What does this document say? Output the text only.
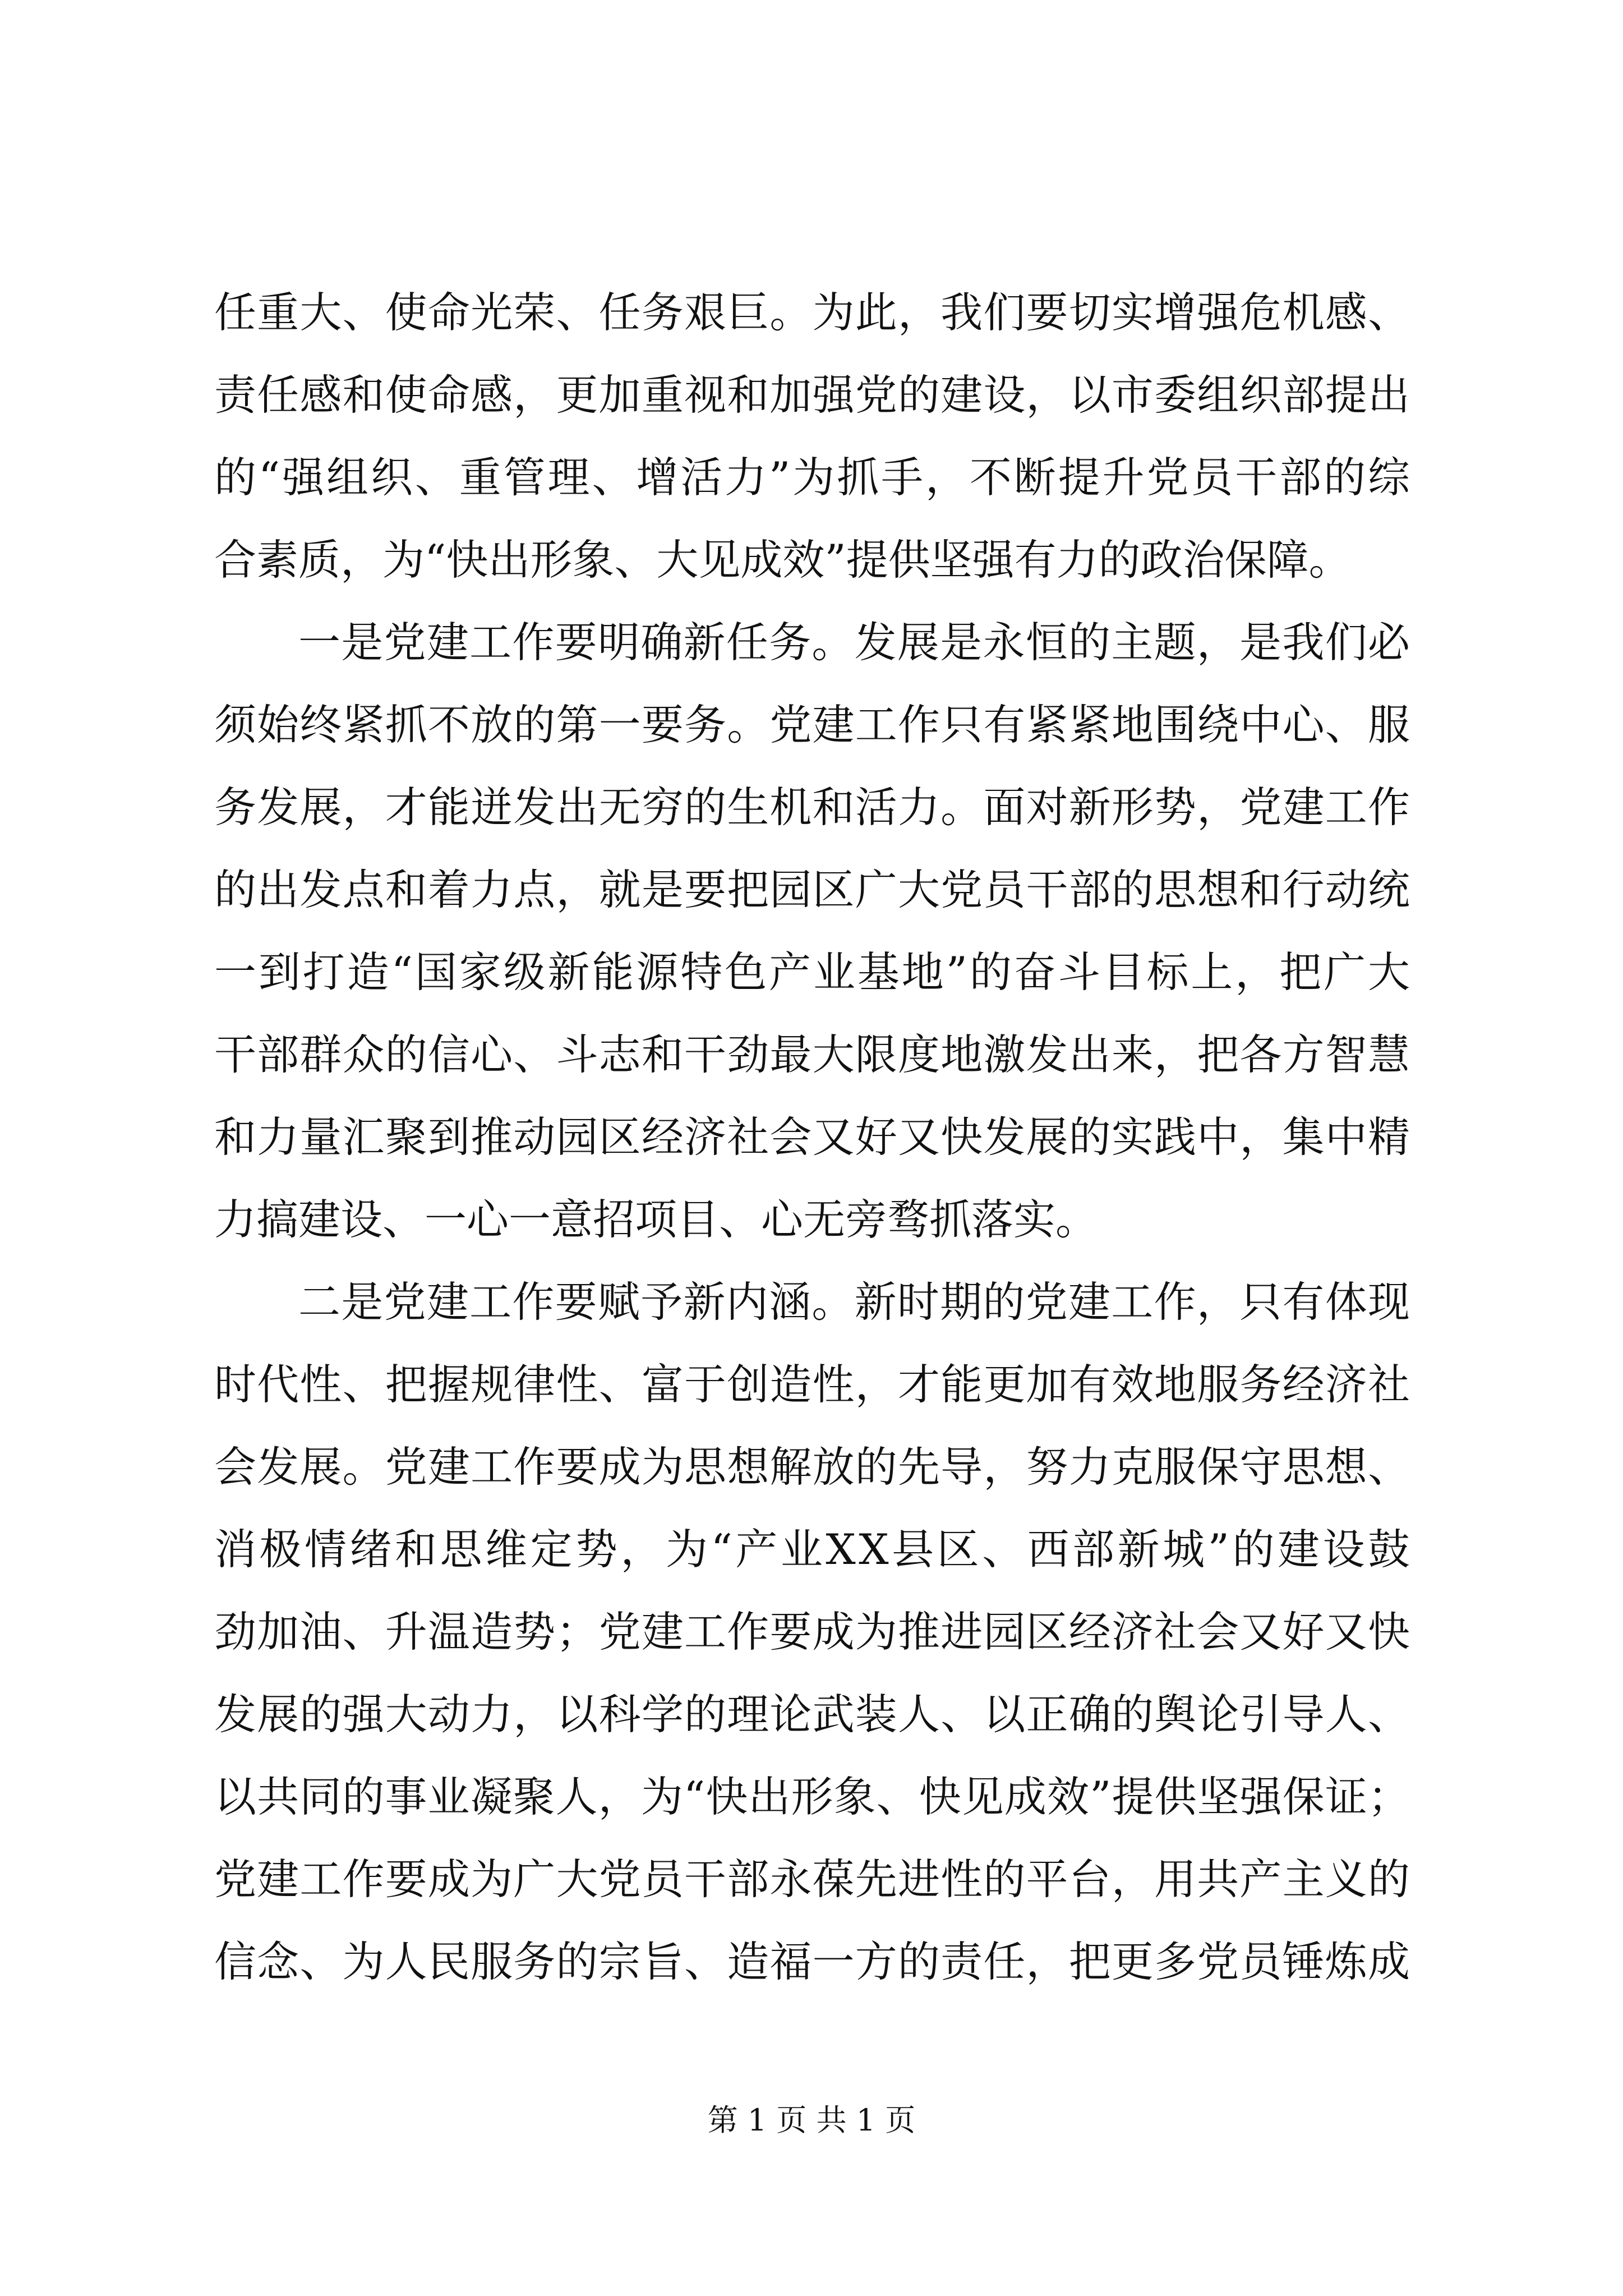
任重大、使命光荣、任务艰巨。为此，我们要切实增强危机感、
责任感和使命感，更加重视和加强党的建设，以市委组织部提出
的“强组织、重管理、增活力”为抓手，不断提升党员干部的综
合素质，为“快出形象、大见成效”提供坚强有力的政治保障。
一是党建工作要明确新任务。发展是永恒的主题，是我们必
须始终紧抓不放的第一要务。党建工作只有紧紧地围绕中心、服
务发展，才能迸发出无穷的生机和活力。面对新形势，党建工作
的出发点和着力点，就是要把园区广大党员干部的思想和行动统
一到打造“国家级新能源特色产业基地”的奋斗目标上，把广大
干部群众的信心、斗志和干劲最大限度地激发出来，把各方智慧
和力量汇聚到推动园区经济社会又好又快发展的实践中，集中精
力搞建设、一心一意招项目、心无旁骛抓落实。
二是党建工作要赋予新内涵。新时期的党建工作，只有体现
时代性、把握规律性、富于创造性，才能更加有效地服务经济社
会发展。党建工作要成为思想解放的先导，努力克服保守思想、
消极情绪和思维定势，为“产业XX县区、西部新城”的建设鼓
劲加油、升温造势；党建工作要成为推进园区经济社会又好又快
发展的强大动力，以科学的理论武装人、以正确的舆论引导人、
以共同的事业凝聚人，为“快出形象、快见成效”提供坚强保证；
党建工作要成为广大党员干部永葆先进性的平台，用共产主义的
信念、为人民服务的宗旨、造福一方的责任，把更多党员锤炼成
第 1 页 共 1 页
